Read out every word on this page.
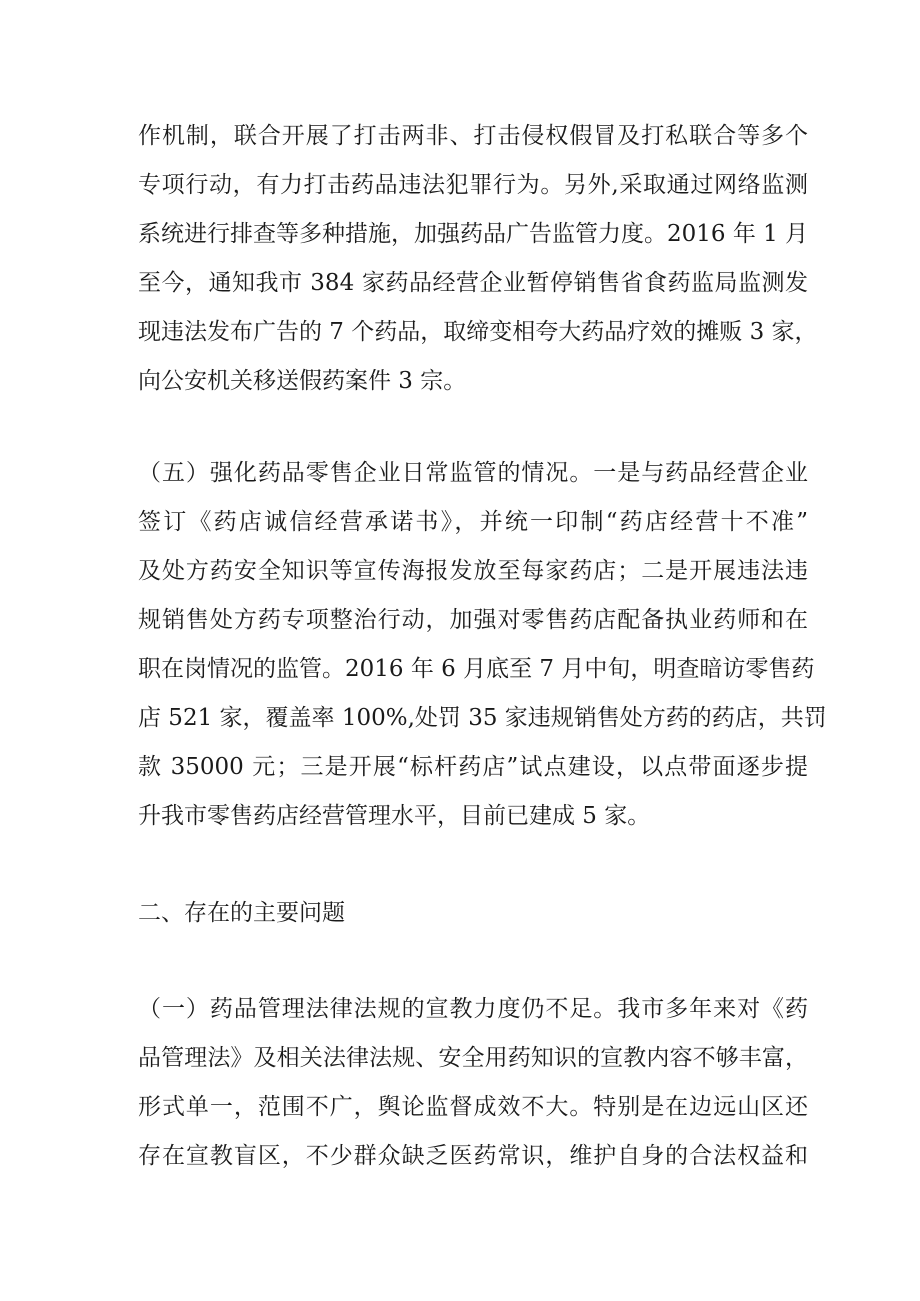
作机制，联合开展了打击两非、打击侵权假冒及打私联合等多个

专项行动，有力打击药品违法犯罪行为。另外,采取通过网络监测

系统进行排查等多种措施，加强药品广告监管力度。2016 年 1 月

至今，通知我市 384 家药品经营企业暂停销售省食药监局监测发

现违法发布广告的 7 个药品，取缔变相夸大药品疗效的摊贩 3 家，

向公安机关移送假药案件 3 宗。

（五）强化药品零售企业日常监管的情况。一是与药品经营企业

签订《药店诚信经营承诺书》，并统一印制“药店经营十不准”

及处方药安全知识等宣传海报发放至每家药店；二是开展违法违

规销售处方药专项整治行动，加强对零售药店配备执业药师和在

职在岗情况的监管。2016 年 6 月底至 7 月中旬，明查暗访零售药

店 521 家，覆盖率 100%,处罚 35 家违规销售处方药的药店，共罚

款 35000 元；三是开展“标杆药店”试点建设，以点带面逐步提

升我市零售药店经营管理水平，目前已建成 5 家。

二、存在的主要问题

（一）药品管理法律法规的宣教力度仍不足。我市多年来对《药

品管理法》及相关法律法规、安全用药知识的宣教内容不够丰富，

形式单一，范围不广，舆论监督成效不大。特别是在边远山区还

存在宣教盲区，不少群众缺乏医药常识，维护自身的合法权益和
